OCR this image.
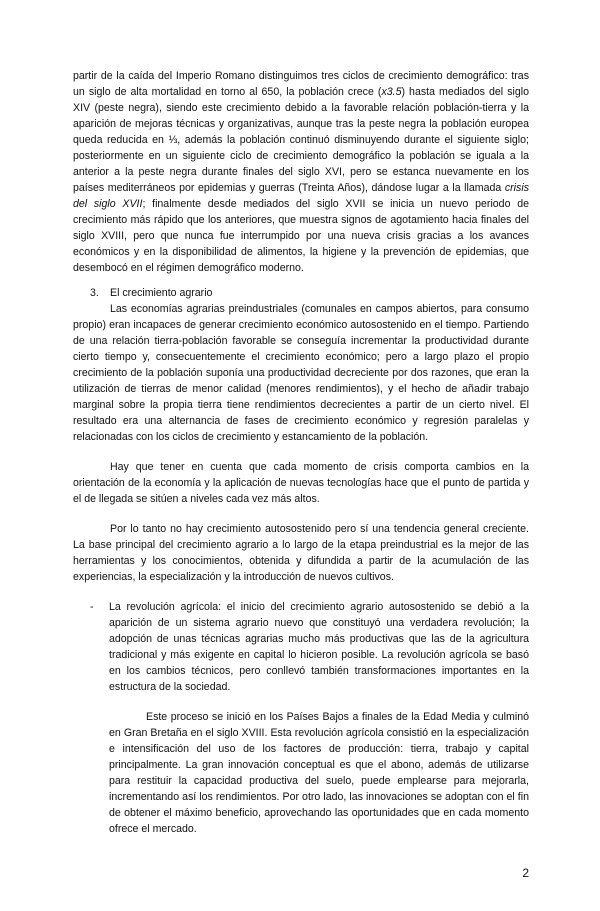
partir de la caída del Imperio Romano distinguimos tres ciclos de crecimiento demográfico: tras un siglo de alta mortalidad en torno al 650, la población crece (x3.5) hasta mediados del siglo XIV (peste negra), siendo este crecimiento debido a la favorable relación población-tierra y la aparición de mejoras técnicas y organizativas, aunque tras la peste negra la población europea queda reducida en ⅓, además la población continuó disminuyendo durante el siguiente siglo; posteriormente en un siguiente ciclo de crecimiento demográfico la población se iguala a la anterior a la peste negra durante finales del siglo XVI, pero se estanca nuevamente en los países mediterráneos por epidemias y guerras (Treinta Años), dándose lugar a la llamada crisis del siglo XVII; finalmente desde mediados del siglo XVII se inicia un nuevo periodo de crecimiento más rápido que los anteriores, que muestra signos de agotamiento hacia finales del siglo XVIII, pero que nunca fue interrumpido por una nueva crisis gracias a los avances económicos y en la disponibilidad de alimentos, la higiene y la prevención de epidemias, que desembocó en el régimen demográfico moderno.

3. El crecimiento agrario

Las economías agrarias preindustriales (comunales en campos abiertos, para consumo propio) eran incapaces de generar crecimiento económico autosostenido en el tiempo. Partiendo de una relación tierra-población favorable se conseguía incrementar la productividad durante cierto tiempo y, consecuentemente el crecimiento económico; pero a largo plazo el propio crecimiento de la población suponía una productividad decreciente por dos razones, que eran la utilización de tierras de menor calidad (menores rendimientos), y el hecho de añadir trabajo marginal sobre la propia tierra tiene rendimientos decrecientes a partir de un cierto nivel. El resultado era una alternancia de fases de crecimiento económico y regresión paralelas y relacionadas con los ciclos de crecimiento y estancamiento de la población.

Hay que tener en cuenta que cada momento de crisis comporta cambios en la orientación de la economía y la aplicación de nuevas tecnologías hace que el punto de partida y el de llegada se sitúen a niveles cada vez más altos.

Por lo tanto no hay crecimiento autosostenido pero sí una tendencia general creciente. La base principal del crecimiento agrario a lo largo de la etapa preindustrial es la mejor de las herramientas y los conocimientos, obtenida y difundida a partir de la acumulación de las experiencias, la especialización y la introducción de nuevos cultivos.

- La revolución agrícola: el inicio del crecimiento agrario autosostenido se debió a la aparición de un sistema agrario nuevo que constituyó una verdadera revolución; la adopción de unas técnicas agrarias mucho más productivas que las de la agricultura tradicional y más exigente en capital lo hicieron posible. La revolución agrícola se basó en los cambios técnicos, pero conllevó también transformaciones importantes en la estructura de la sociedad.

Este proceso se inició en los Países Bajos a finales de la Edad Media y culminó en Gran Bretaña en el siglo XVIII. Esta revolución agrícola consistió en la especialización e intensificación del uso de los factores de producción: tierra, trabajo y capital principalmente. La gran innovación conceptual es que el abono, además de utilizarse para restituir la capacidad productiva del suelo, puede emplearse para mejorarla, incrementando así los rendimientos. Por otro lado, las innovaciones se adoptan con el fin de obtener el máximo beneficio, aprovechando las oportunidades que en cada momento ofrece el mercado.

2
